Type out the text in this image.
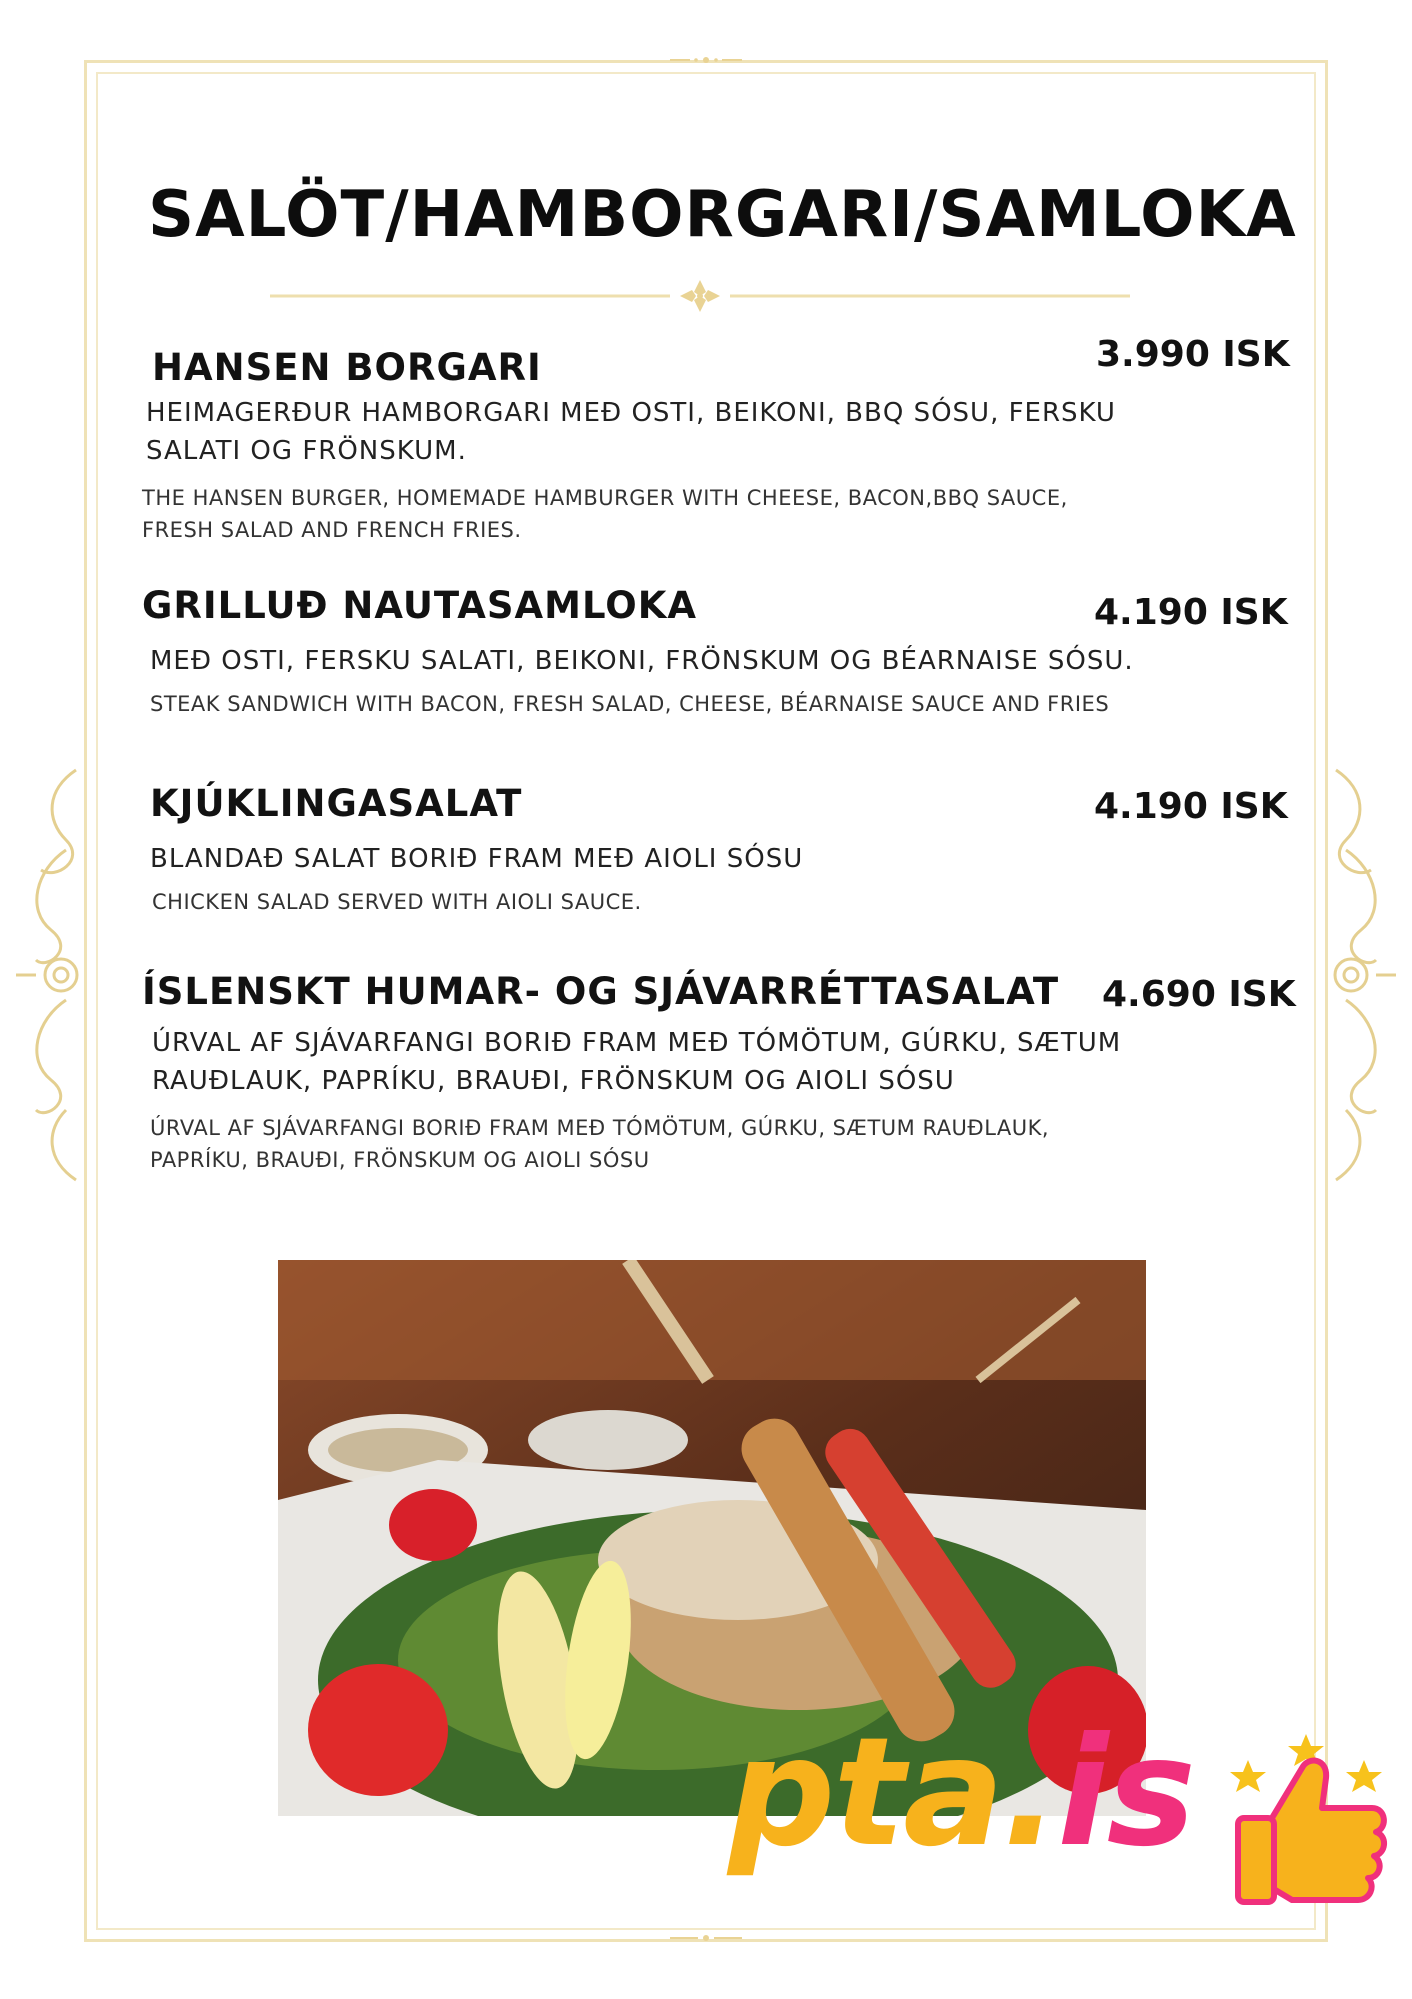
SALÖT/HAMBORGARI/SAMLOKA
HANSEN BORGARI	3.990 ISK

HEIMAGERÐUR HAMBORGARI MEÐ OSTI, BEIKONI, BBQ SÓSU, FERSKU

SALATI OG FRÖNSKUM.

THE HANSEN BURGER, HOMEMADE HAMBURGER WITH CHEESE, BACON,BBQ SAUCE,

FRESH SALAD AND FRENCH FRIES.

GRILLUÐ NAUTASAMLOKA	4.190 ISK

MEÐ OSTI, FERSKU SALATI, BEIKONI, FRÖNSKUM OG BÉARNAISE SÓSU.

STEAK SANDWICH WITH BACON, FRESH SALAD, CHEESE, BÉARNAISE SAUCE AND FRIES

KJÚKLINGASALAT	4.190 ISK

BLANDAÐ SALAT BORIÐ FRAM MEÐ AIOLI SÓSU

CHICKEN SALAD SERVED WITH AIOLI SAUCE.

ÍSLENSKT HUMAR- OG SJÁVARRÉTTASALAT 4.690 ISK

ÚRVAL AF SJÁVARFANGI BORIÐ FRAM MEÐ TÓMÖTUM, GÚRKU, SÆTUM

RAUÐLAUK, PAPRÍKU, BRAUÐI, FRÖNSKUM OG AIOLI SÓSU

ÚRVAL AF SJÁVARFANGI BORIÐ FRAM MEÐ TÓMÖTUM, GÚRKU, SÆTUM RAUÐLAUK,

PAPRÍKU, BRAUÐI, FRÖNSKUM OG AIOLI SÓSU

pta.is
